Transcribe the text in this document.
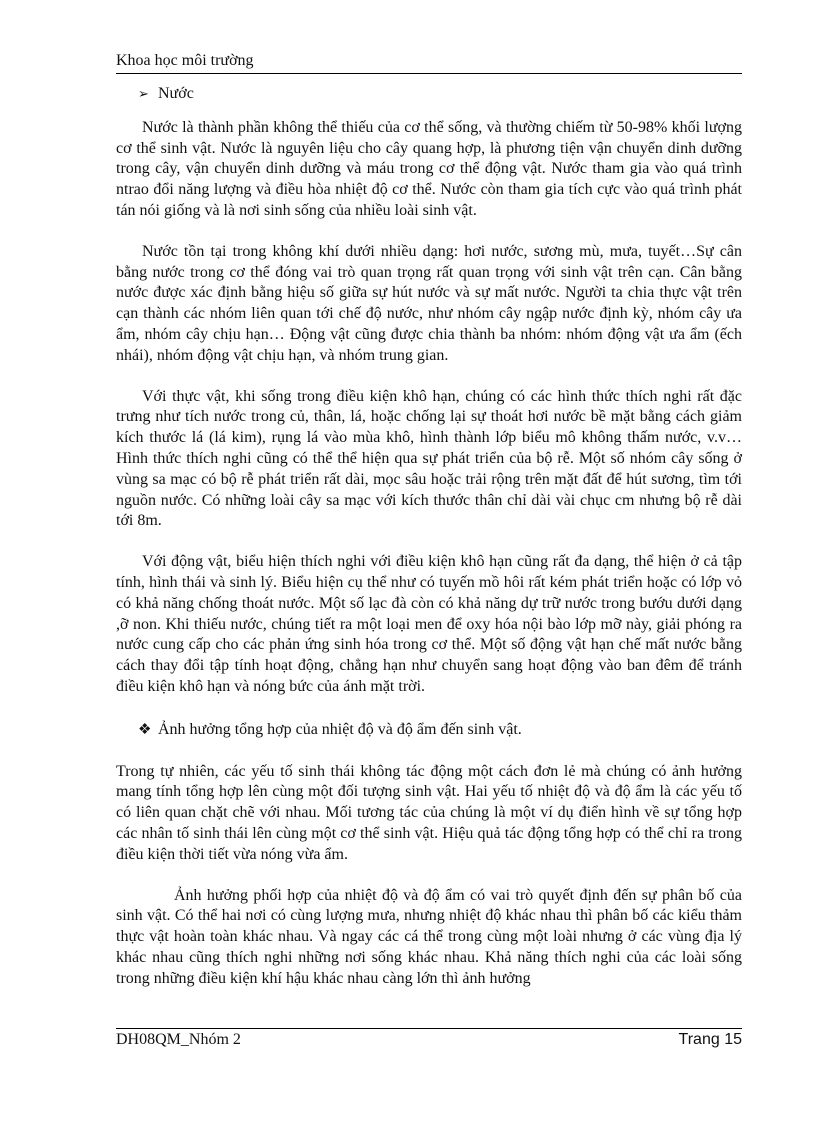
Khoa học môi trường
➢ Nước

Nước là thành phần không thể thiếu của cơ thể sống, và thường chiếm từ 50-98% khối lượng cơ thể sinh vật. Nước là nguyên liệu cho cây quang hợp, là phương tiện vận chuyển dinh dưỡng trong cây, vận chuyển dinh dưỡng và máu trong cơ thể động vật. Nước tham gia vào quá trình ntrao đổi năng lượng và điều hòa nhiệt độ cơ thể. Nước còn tham gia tích cực vào quá trình phát tán nói giống và là nơi sinh sống của nhiều loài sinh vật.

Nước tồn tại trong không khí dưới nhiều dạng: hơi nước, sương mù, mưa, tuyết…Sự cân bằng nước trong cơ thể đóng vai trò quan trọng rất quan trọng với sinh vật trên cạn. Cân bằng nước được xác định bằng hiệu số giữa sự hút nước và sự mất nước. Người ta chia thực vật trên cạn thành các nhóm liên quan tới chế độ nước, như nhóm cây ngập nước định kỳ, nhóm cây ưa ẩm, nhóm cây chịu hạn… Động vật cũng được chia thành ba nhóm: nhóm động vật ưa ẩm (ếch nhái), nhóm động vật chịu hạn, và nhóm trung gian.

Với thực vật, khi sống trong điều kiện khô hạn, chúng có các hình thức thích nghi rất đặc trưng như tích nước trong củ, thân, lá, hoặc chống lại sự thoát hơi nước bề mặt bằng cách giảm kích thước lá (lá kim), rụng lá vào mùa khô, hình thành lớp biểu mô không thấm nước, v.v… Hình thức thích nghi cũng có thể thể hiện qua sự phát triển của bộ rễ. Một số nhóm cây sống ở vùng sa mạc có bộ rễ phát triển rất dài, mọc sâu hoặc trải rộng trên mặt đất để hút sương, tìm tới nguồn nước. Có những loài cây sa mạc với kích thước thân chỉ dài vài chục cm nhưng bộ rễ dài tới 8m.

Với động vật, biểu hiện thích nghi với điều kiện khô hạn cũng rất đa dạng, thể hiện ở cả tập tính, hình thái và sinh lý. Biểu hiện cụ thể như có tuyến mồ hôi rất kém phát triển hoặc có lớp vỏ có khả năng chống thoát nước. Một số lạc đà còn có khả năng dự trữ nước trong bướu dưới dạng ,ỡ non. Khi thiếu nước, chúng tiết ra một loại men để oxy hóa nội bào lớp mỡ này, giải phóng ra nước cung cấp cho các phản ứng sinh hóa trong cơ thể. Một số động vật hạn chế mất nước bằng cách thay đổi tập tính hoạt động, chẳng hạn như chuyển sang hoạt động vào ban đêm để tránh điều kiện khô hạn và nóng bức của ánh mặt trời.

❖ Ảnh hưởng tổng hợp của nhiệt độ và độ ẩm đến sinh vật.

Trong tự nhiên, các yếu tố sinh thái không tác động một cách đơn lẻ mà chúng có ảnh hưởng mang tính tổng hợp lên cùng một đối tượng sinh vật. Hai yếu tố nhiệt độ và độ ẩm là các yếu tố có liên quan chặt chẽ với nhau. Mối tương tác của chúng là một ví dụ điển hình về sự tổng hợp các nhân tố sinh thái lên cùng một cơ thể sinh vật. Hiệu quả tác động tổng hợp có thể chỉ ra trong điều kiện thời tiết vừa nóng vừa ẩm.

Ảnh hưởng phối hợp của nhiệt độ và độ ẩm có vai trò quyết định đến sự phân bố của sinh vật. Có thể hai nơi có cùng lượng mưa, nhưng nhiệt độ khác nhau thì phân bố các kiểu thảm thực vật hoàn toàn khác nhau. Và ngay các cá thể trong cùng một loài nhưng ở các vùng địa lý khác nhau cũng thích nghi những nơi sống khác nhau. Khả năng thích nghi của các loài sống trong những điều kiện khí hậu khác nhau càng lớn thì ảnh hưởng

DH08QM_Nhóm 2	Trang 15
